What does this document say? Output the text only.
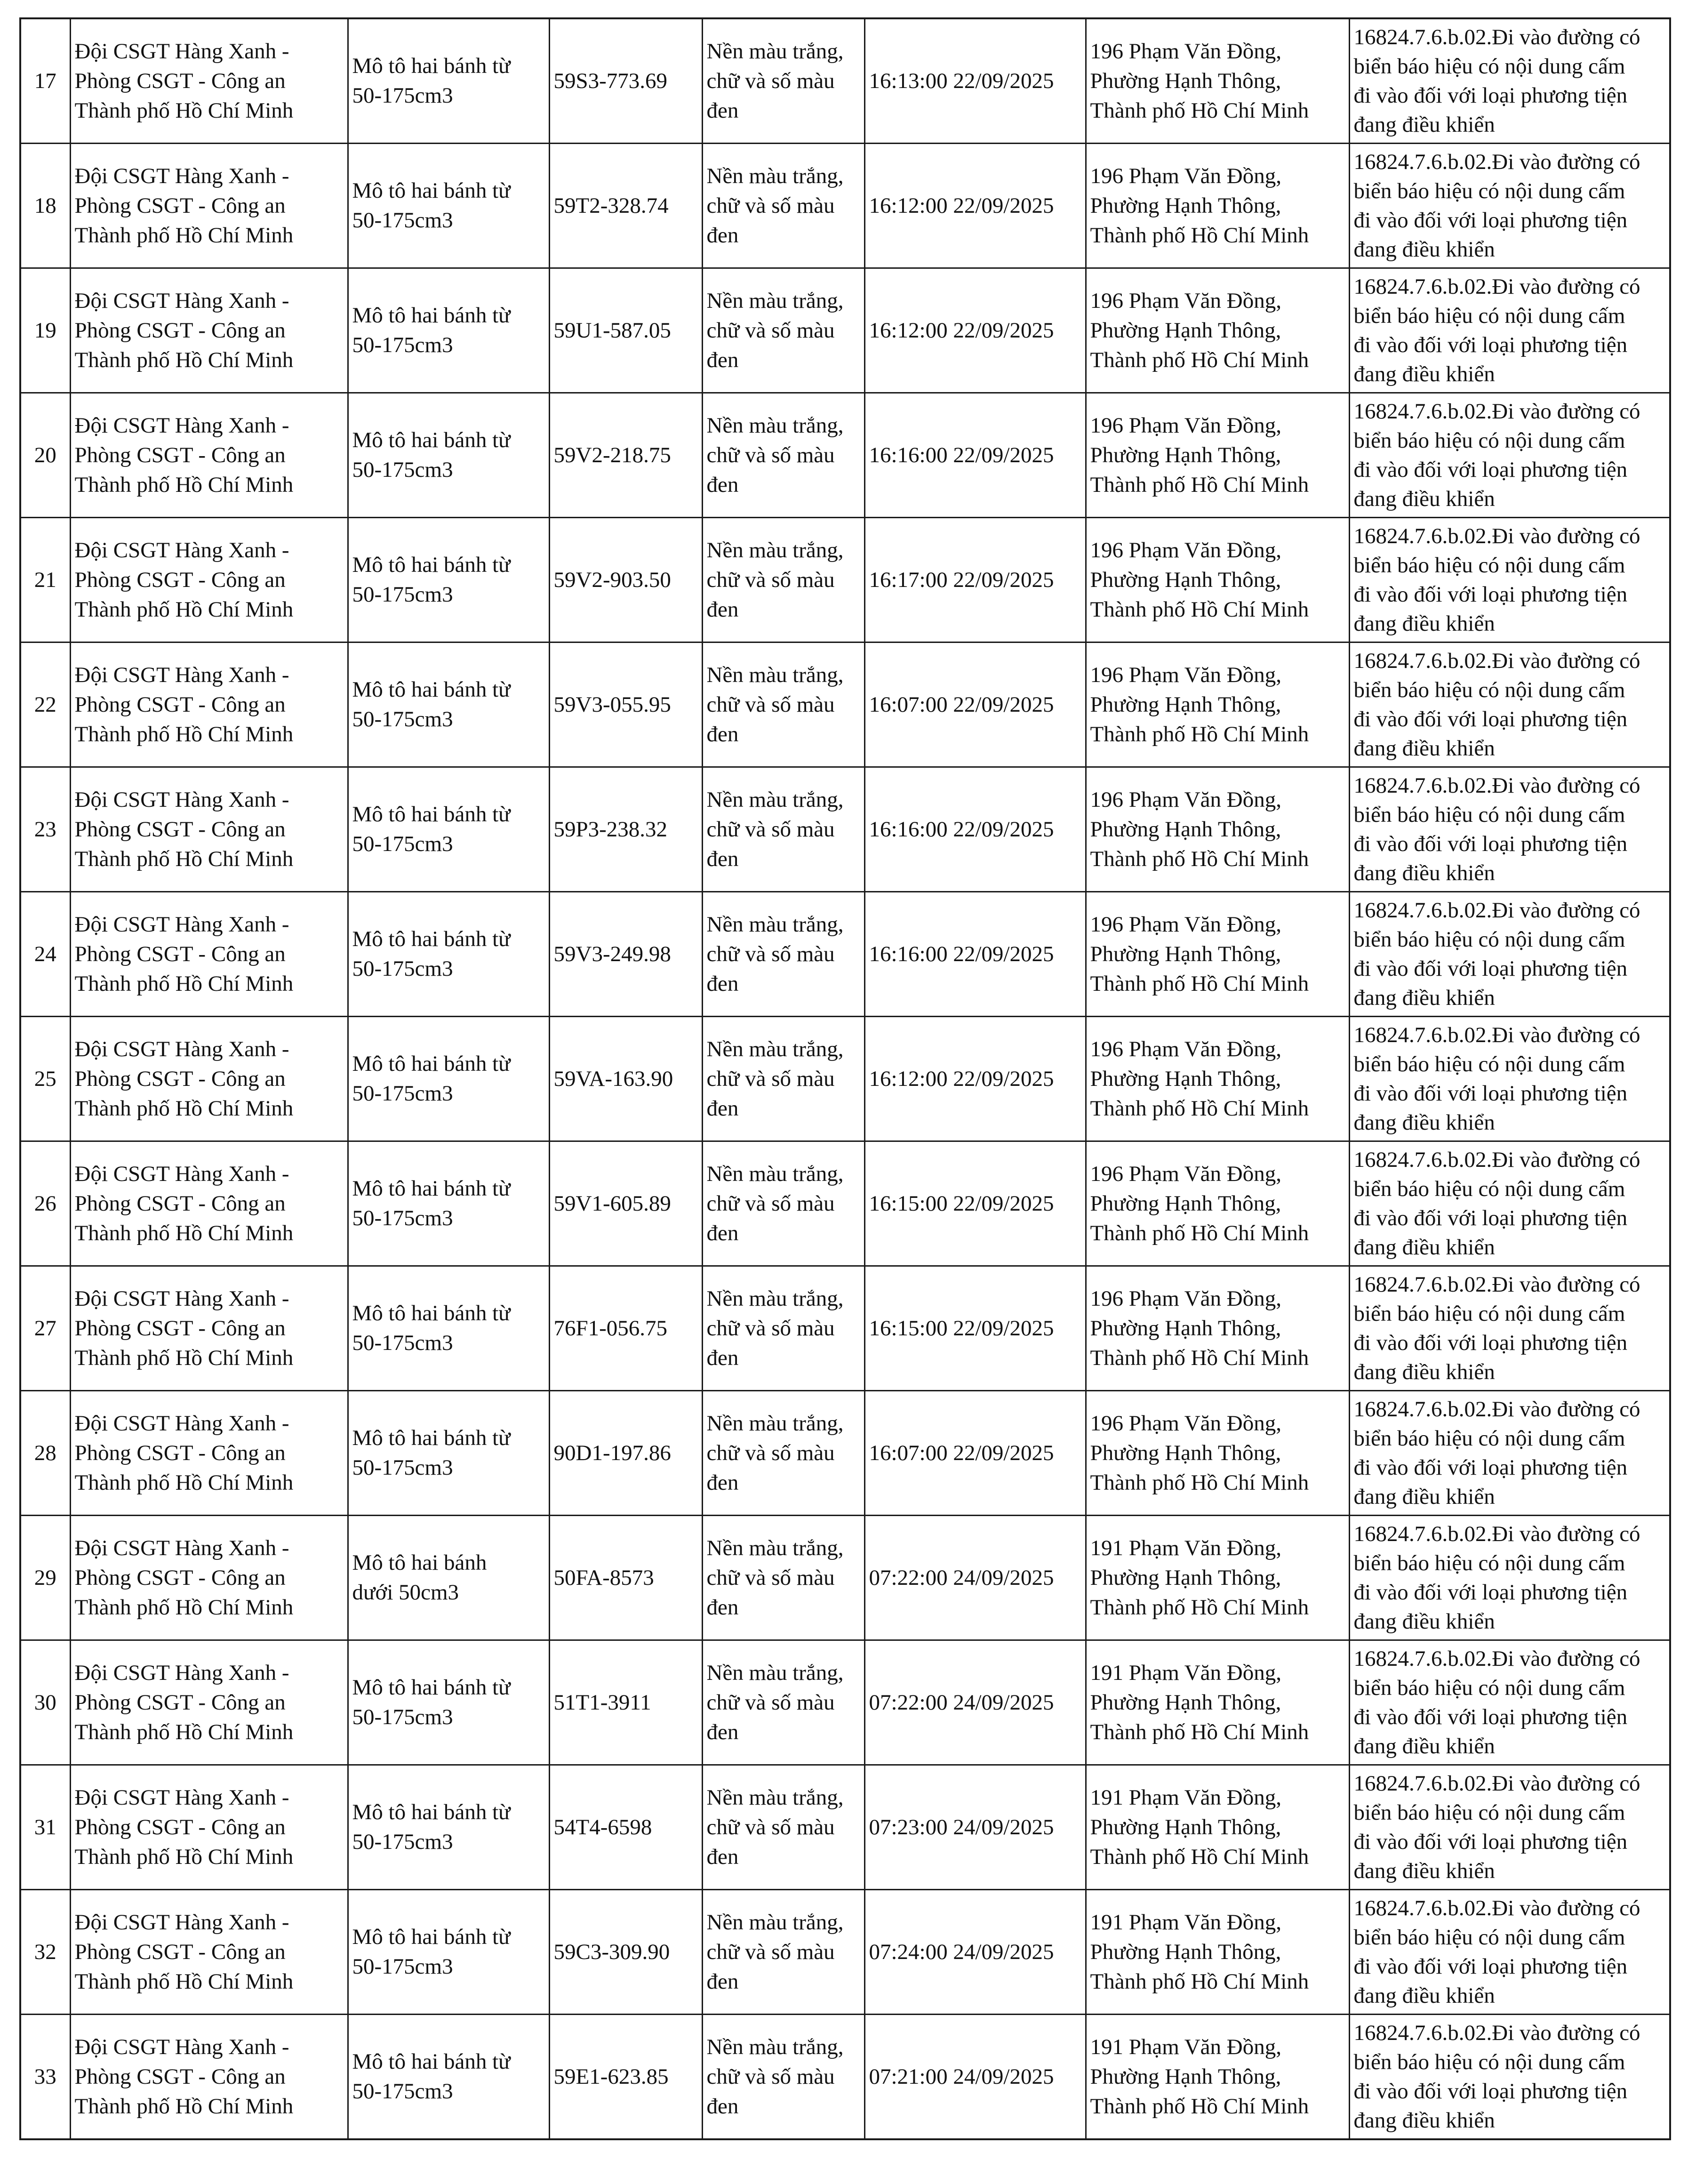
17	Đội CSGT Hàng Xanh -
Phòng CSGT - Công an
Thành phố Hồ Chí Minh	Mô tô hai bánh từ
50-175cm3	59S3-773.69	Nền màu trắng,
chữ và số màu
đen	16:13:00 22/09/2025	196 Phạm Văn Đồng,
Phường Hạnh Thông,
Thành phố Hồ Chí Minh	16824.7.6.b.02.Đi vào đường có
biển báo hiệu có nội dung cấm
đi vào đối với loại phương tiện
đang điều khiển
18	Đội CSGT Hàng Xanh -
Phòng CSGT - Công an
Thành phố Hồ Chí Minh	Mô tô hai bánh từ
50-175cm3	59T2-328.74	Nền màu trắng,
chữ và số màu
đen	16:12:00 22/09/2025	196 Phạm Văn Đồng,
Phường Hạnh Thông,
Thành phố Hồ Chí Minh	16824.7.6.b.02.Đi vào đường có
biển báo hiệu có nội dung cấm
đi vào đối với loại phương tiện
đang điều khiển
19	Đội CSGT Hàng Xanh -
Phòng CSGT - Công an
Thành phố Hồ Chí Minh	Mô tô hai bánh từ
50-175cm3	59U1-587.05	Nền màu trắng,
chữ và số màu
đen	16:12:00 22/09/2025	196 Phạm Văn Đồng,
Phường Hạnh Thông,
Thành phố Hồ Chí Minh	16824.7.6.b.02.Đi vào đường có
biển báo hiệu có nội dung cấm
đi vào đối với loại phương tiện
đang điều khiển
20	Đội CSGT Hàng Xanh -
Phòng CSGT - Công an
Thành phố Hồ Chí Minh	Mô tô hai bánh từ
50-175cm3	59V2-218.75	Nền màu trắng,
chữ và số màu
đen	16:16:00 22/09/2025	196 Phạm Văn Đồng,
Phường Hạnh Thông,
Thành phố Hồ Chí Minh	16824.7.6.b.02.Đi vào đường có
biển báo hiệu có nội dung cấm
đi vào đối với loại phương tiện
đang điều khiển
21	Đội CSGT Hàng Xanh -
Phòng CSGT - Công an
Thành phố Hồ Chí Minh	Mô tô hai bánh từ
50-175cm3	59V2-903.50	Nền màu trắng,
chữ và số màu
đen	16:17:00 22/09/2025	196 Phạm Văn Đồng,
Phường Hạnh Thông,
Thành phố Hồ Chí Minh	16824.7.6.b.02.Đi vào đường có
biển báo hiệu có nội dung cấm
đi vào đối với loại phương tiện
đang điều khiển
22	Đội CSGT Hàng Xanh -
Phòng CSGT - Công an
Thành phố Hồ Chí Minh	Mô tô hai bánh từ
50-175cm3	59V3-055.95	Nền màu trắng,
chữ và số màu
đen	16:07:00 22/09/2025	196 Phạm Văn Đồng,
Phường Hạnh Thông,
Thành phố Hồ Chí Minh	16824.7.6.b.02.Đi vào đường có
biển báo hiệu có nội dung cấm
đi vào đối với loại phương tiện
đang điều khiển
23	Đội CSGT Hàng Xanh -
Phòng CSGT - Công an
Thành phố Hồ Chí Minh	Mô tô hai bánh từ
50-175cm3	59P3-238.32	Nền màu trắng,
chữ và số màu
đen	16:16:00 22/09/2025	196 Phạm Văn Đồng,
Phường Hạnh Thông,
Thành phố Hồ Chí Minh	16824.7.6.b.02.Đi vào đường có
biển báo hiệu có nội dung cấm
đi vào đối với loại phương tiện
đang điều khiển
24	Đội CSGT Hàng Xanh -
Phòng CSGT - Công an
Thành phố Hồ Chí Minh	Mô tô hai bánh từ
50-175cm3	59V3-249.98	Nền màu trắng,
chữ và số màu
đen	16:16:00 22/09/2025	196 Phạm Văn Đồng,
Phường Hạnh Thông,
Thành phố Hồ Chí Minh	16824.7.6.b.02.Đi vào đường có
biển báo hiệu có nội dung cấm
đi vào đối với loại phương tiện
đang điều khiển
25	Đội CSGT Hàng Xanh -
Phòng CSGT - Công an
Thành phố Hồ Chí Minh	Mô tô hai bánh từ
50-175cm3	59VA-163.90	Nền màu trắng,
chữ và số màu
đen	16:12:00 22/09/2025	196 Phạm Văn Đồng,
Phường Hạnh Thông,
Thành phố Hồ Chí Minh	16824.7.6.b.02.Đi vào đường có
biển báo hiệu có nội dung cấm
đi vào đối với loại phương tiện
đang điều khiển
26	Đội CSGT Hàng Xanh -
Phòng CSGT - Công an
Thành phố Hồ Chí Minh	Mô tô hai bánh từ
50-175cm3	59V1-605.89	Nền màu trắng,
chữ và số màu
đen	16:15:00 22/09/2025	196 Phạm Văn Đồng,
Phường Hạnh Thông,
Thành phố Hồ Chí Minh	16824.7.6.b.02.Đi vào đường có
biển báo hiệu có nội dung cấm
đi vào đối với loại phương tiện
đang điều khiển
27	Đội CSGT Hàng Xanh -
Phòng CSGT - Công an
Thành phố Hồ Chí Minh	Mô tô hai bánh từ
50-175cm3	76F1-056.75	Nền màu trắng,
chữ và số màu
đen	16:15:00 22/09/2025	196 Phạm Văn Đồng,
Phường Hạnh Thông,
Thành phố Hồ Chí Minh	16824.7.6.b.02.Đi vào đường có
biển báo hiệu có nội dung cấm
đi vào đối với loại phương tiện
đang điều khiển
28	Đội CSGT Hàng Xanh -
Phòng CSGT - Công an
Thành phố Hồ Chí Minh	Mô tô hai bánh từ
50-175cm3	90D1-197.86	Nền màu trắng,
chữ và số màu
đen	16:07:00 22/09/2025	196 Phạm Văn Đồng,
Phường Hạnh Thông,
Thành phố Hồ Chí Minh	16824.7.6.b.02.Đi vào đường có
biển báo hiệu có nội dung cấm
đi vào đối với loại phương tiện
đang điều khiển
29	Đội CSGT Hàng Xanh -
Phòng CSGT - Công an
Thành phố Hồ Chí Minh	Mô tô hai bánh
dưới 50cm3	50FA-8573	Nền màu trắng,
chữ và số màu
đen	07:22:00 24/09/2025	191 Phạm Văn Đồng,
Phường Hạnh Thông,
Thành phố Hồ Chí Minh	16824.7.6.b.02.Đi vào đường có
biển báo hiệu có nội dung cấm
đi vào đối với loại phương tiện
đang điều khiển
30	Đội CSGT Hàng Xanh -
Phòng CSGT - Công an
Thành phố Hồ Chí Minh	Mô tô hai bánh từ
50-175cm3	51T1-3911	Nền màu trắng,
chữ và số màu
đen	07:22:00 24/09/2025	191 Phạm Văn Đồng,
Phường Hạnh Thông,
Thành phố Hồ Chí Minh	16824.7.6.b.02.Đi vào đường có
biển báo hiệu có nội dung cấm
đi vào đối với loại phương tiện
đang điều khiển
31	Đội CSGT Hàng Xanh -
Phòng CSGT - Công an
Thành phố Hồ Chí Minh	Mô tô hai bánh từ
50-175cm3	54T4-6598	Nền màu trắng,
chữ và số màu
đen	07:23:00 24/09/2025	191 Phạm Văn Đồng,
Phường Hạnh Thông,
Thành phố Hồ Chí Minh	16824.7.6.b.02.Đi vào đường có
biển báo hiệu có nội dung cấm
đi vào đối với loại phương tiện
đang điều khiển
32	Đội CSGT Hàng Xanh -
Phòng CSGT - Công an
Thành phố Hồ Chí Minh	Mô tô hai bánh từ
50-175cm3	59C3-309.90	Nền màu trắng,
chữ và số màu
đen	07:24:00 24/09/2025	191 Phạm Văn Đồng,
Phường Hạnh Thông,
Thành phố Hồ Chí Minh	16824.7.6.b.02.Đi vào đường có
biển báo hiệu có nội dung cấm
đi vào đối với loại phương tiện
đang điều khiển
33	Đội CSGT Hàng Xanh -
Phòng CSGT - Công an
Thành phố Hồ Chí Minh	Mô tô hai bánh từ
50-175cm3	59E1-623.85	Nền màu trắng,
chữ và số màu
đen	07:21:00 24/09/2025	191 Phạm Văn Đồng,
Phường Hạnh Thông,
Thành phố Hồ Chí Minh	16824.7.6.b.02.Đi vào đường có
biển báo hiệu có nội dung cấm
đi vào đối với loại phương tiện
đang điều khiển
